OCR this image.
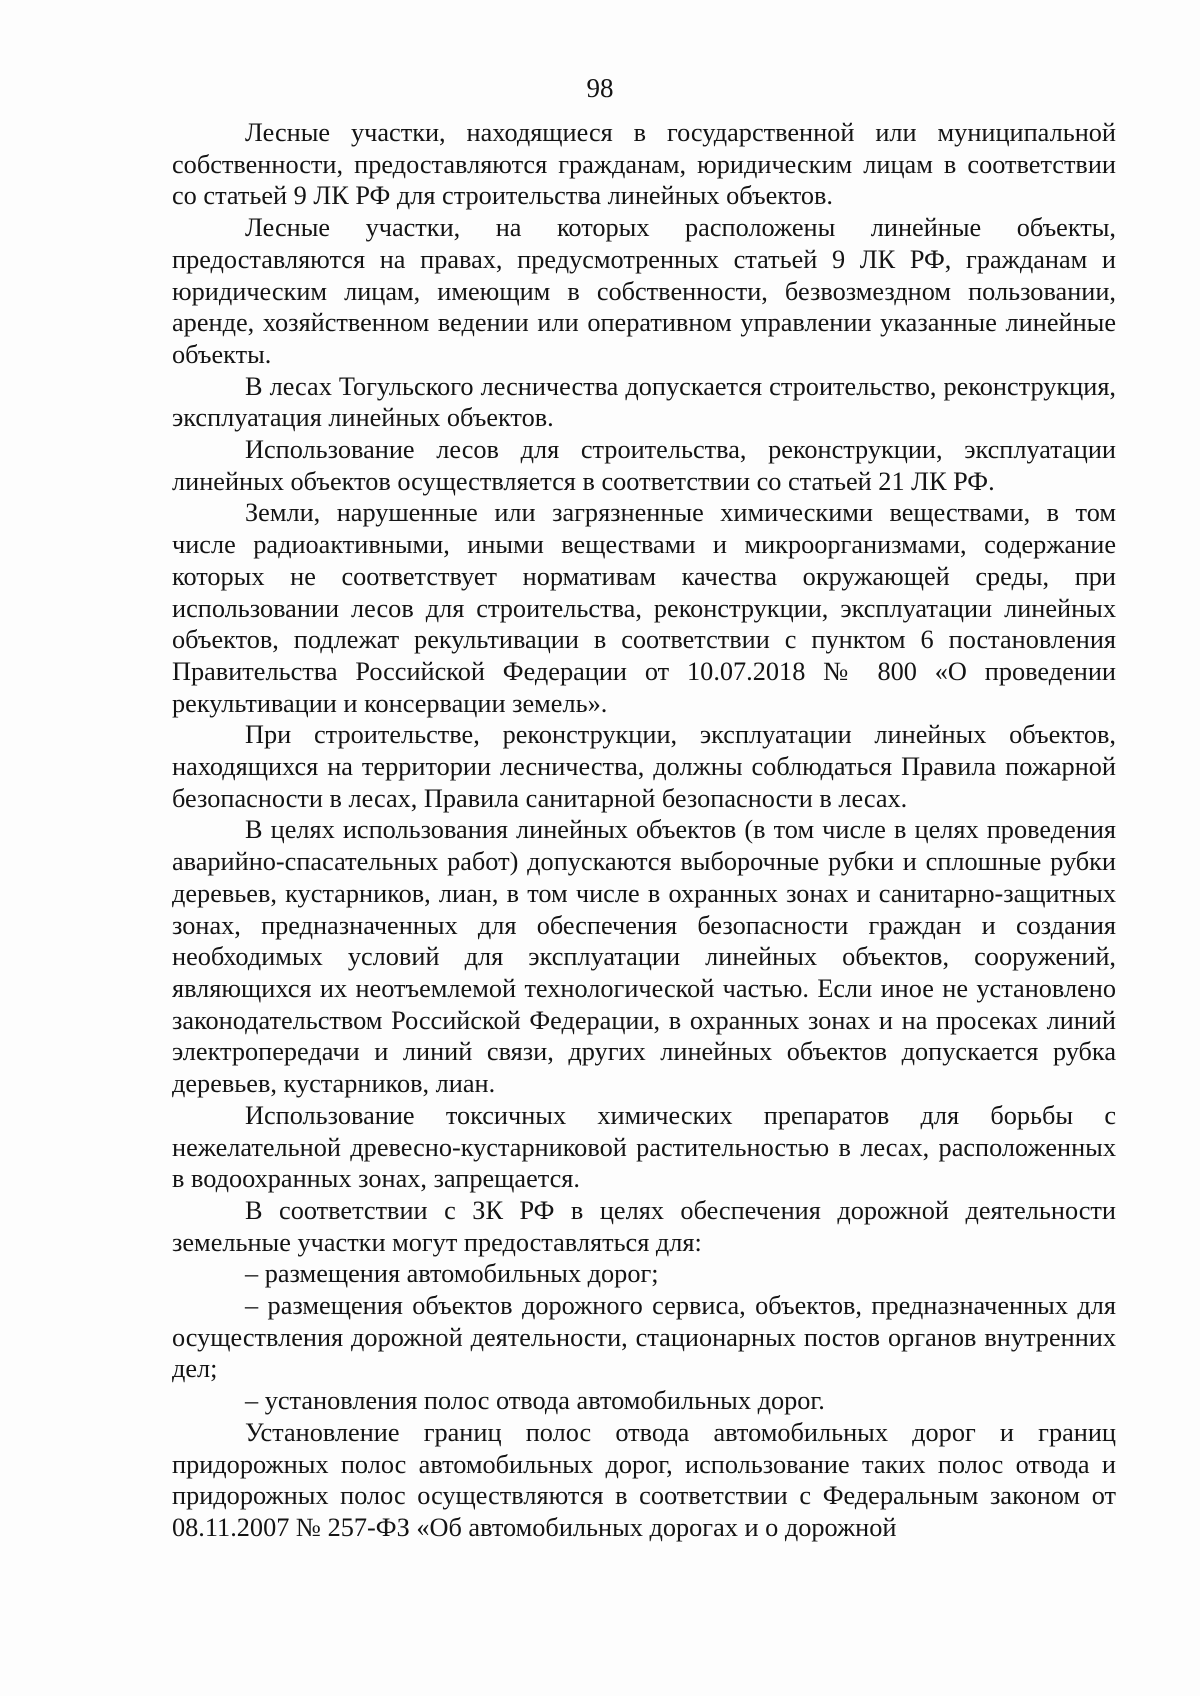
98

Лесные участки, находящиеся в государственной или муниципальной собственности, предоставляются гражданам, юридическим лицам в соответствии со статьей 9 ЛК РФ для строительства линейных объектов.

Лесные участки, на которых расположены линейные объекты, предоставляются на правах, предусмотренных статьей 9 ЛК РФ, гражданам и юридическим лицам, имеющим в собственности, безвозмездном пользовании, аренде, хозяйственном ведении или оперативном управлении указанные линейные объекты.

В лесах Тогульского лесничества допускается строительство, реконструкция, эксплуатация линейных объектов.

Использование лесов для строительства, реконструкции, эксплуатации линейных объектов осуществляется в соответствии со статьей 21 ЛК РФ.

Земли, нарушенные или загрязненные химическими веществами, в том числе радиоактивными, иными веществами и микроорганизмами, содержание которых не соответствует нормативам качества окружающей среды, при использовании лесов для строительства, реконструкции, эксплуатации линейных объектов, подлежат рекультивации в соответствии с пунктом 6 постановления Правительства Российской Федерации от 10.07.2018 № 800 «О проведении рекультивации и консервации земель».

При строительстве, реконструкции, эксплуатации линейных объектов, находящихся на территории лесничества, должны соблюдаться Правила пожарной безопасности в лесах, Правила санитарной безопасности в лесах.

В целях использования линейных объектов (в том числе в целях проведения аварийно-спасательных работ) допускаются выборочные рубки и сплошные рубки деревьев, кустарников, лиан, в том числе в охранных зонах и санитарно-защитных зонах, предназначенных для обеспечения безопасности граждан и создания необходимых условий для эксплуатации линейных объектов, сооружений, являющихся их неотъемлемой технологической частью. Если иное не установлено законодательством Российской Федерации, в охранных зонах и на просеках линий электропередачи и линий связи, других линейных объектов допускается рубка деревьев, кустарников, лиан.

Использование токсичных химических препаратов для борьбы с нежелательной древесно-кустарниковой растительностью в лесах, расположенных в водоохранных зонах, запрещается.

В соответствии с ЗК РФ в целях обеспечения дорожной деятельности земельные участки могут предоставляться для:

– размещения автомобильных дорог;

– размещения объектов дорожного сервиса, объектов, предназначенных для осуществления дорожной деятельности, стационарных постов органов внутренних дел;

– установления полос отвода автомобильных дорог.

Установление границ полос отвода автомобильных дорог и границ придорожных полос автомобильных дорог, использование таких полос отвода и придорожных полос осуществляются в соответствии с Федеральным законом от 08.11.2007 № 257-ФЗ «Об автомобильных дорогах и о дорожной
